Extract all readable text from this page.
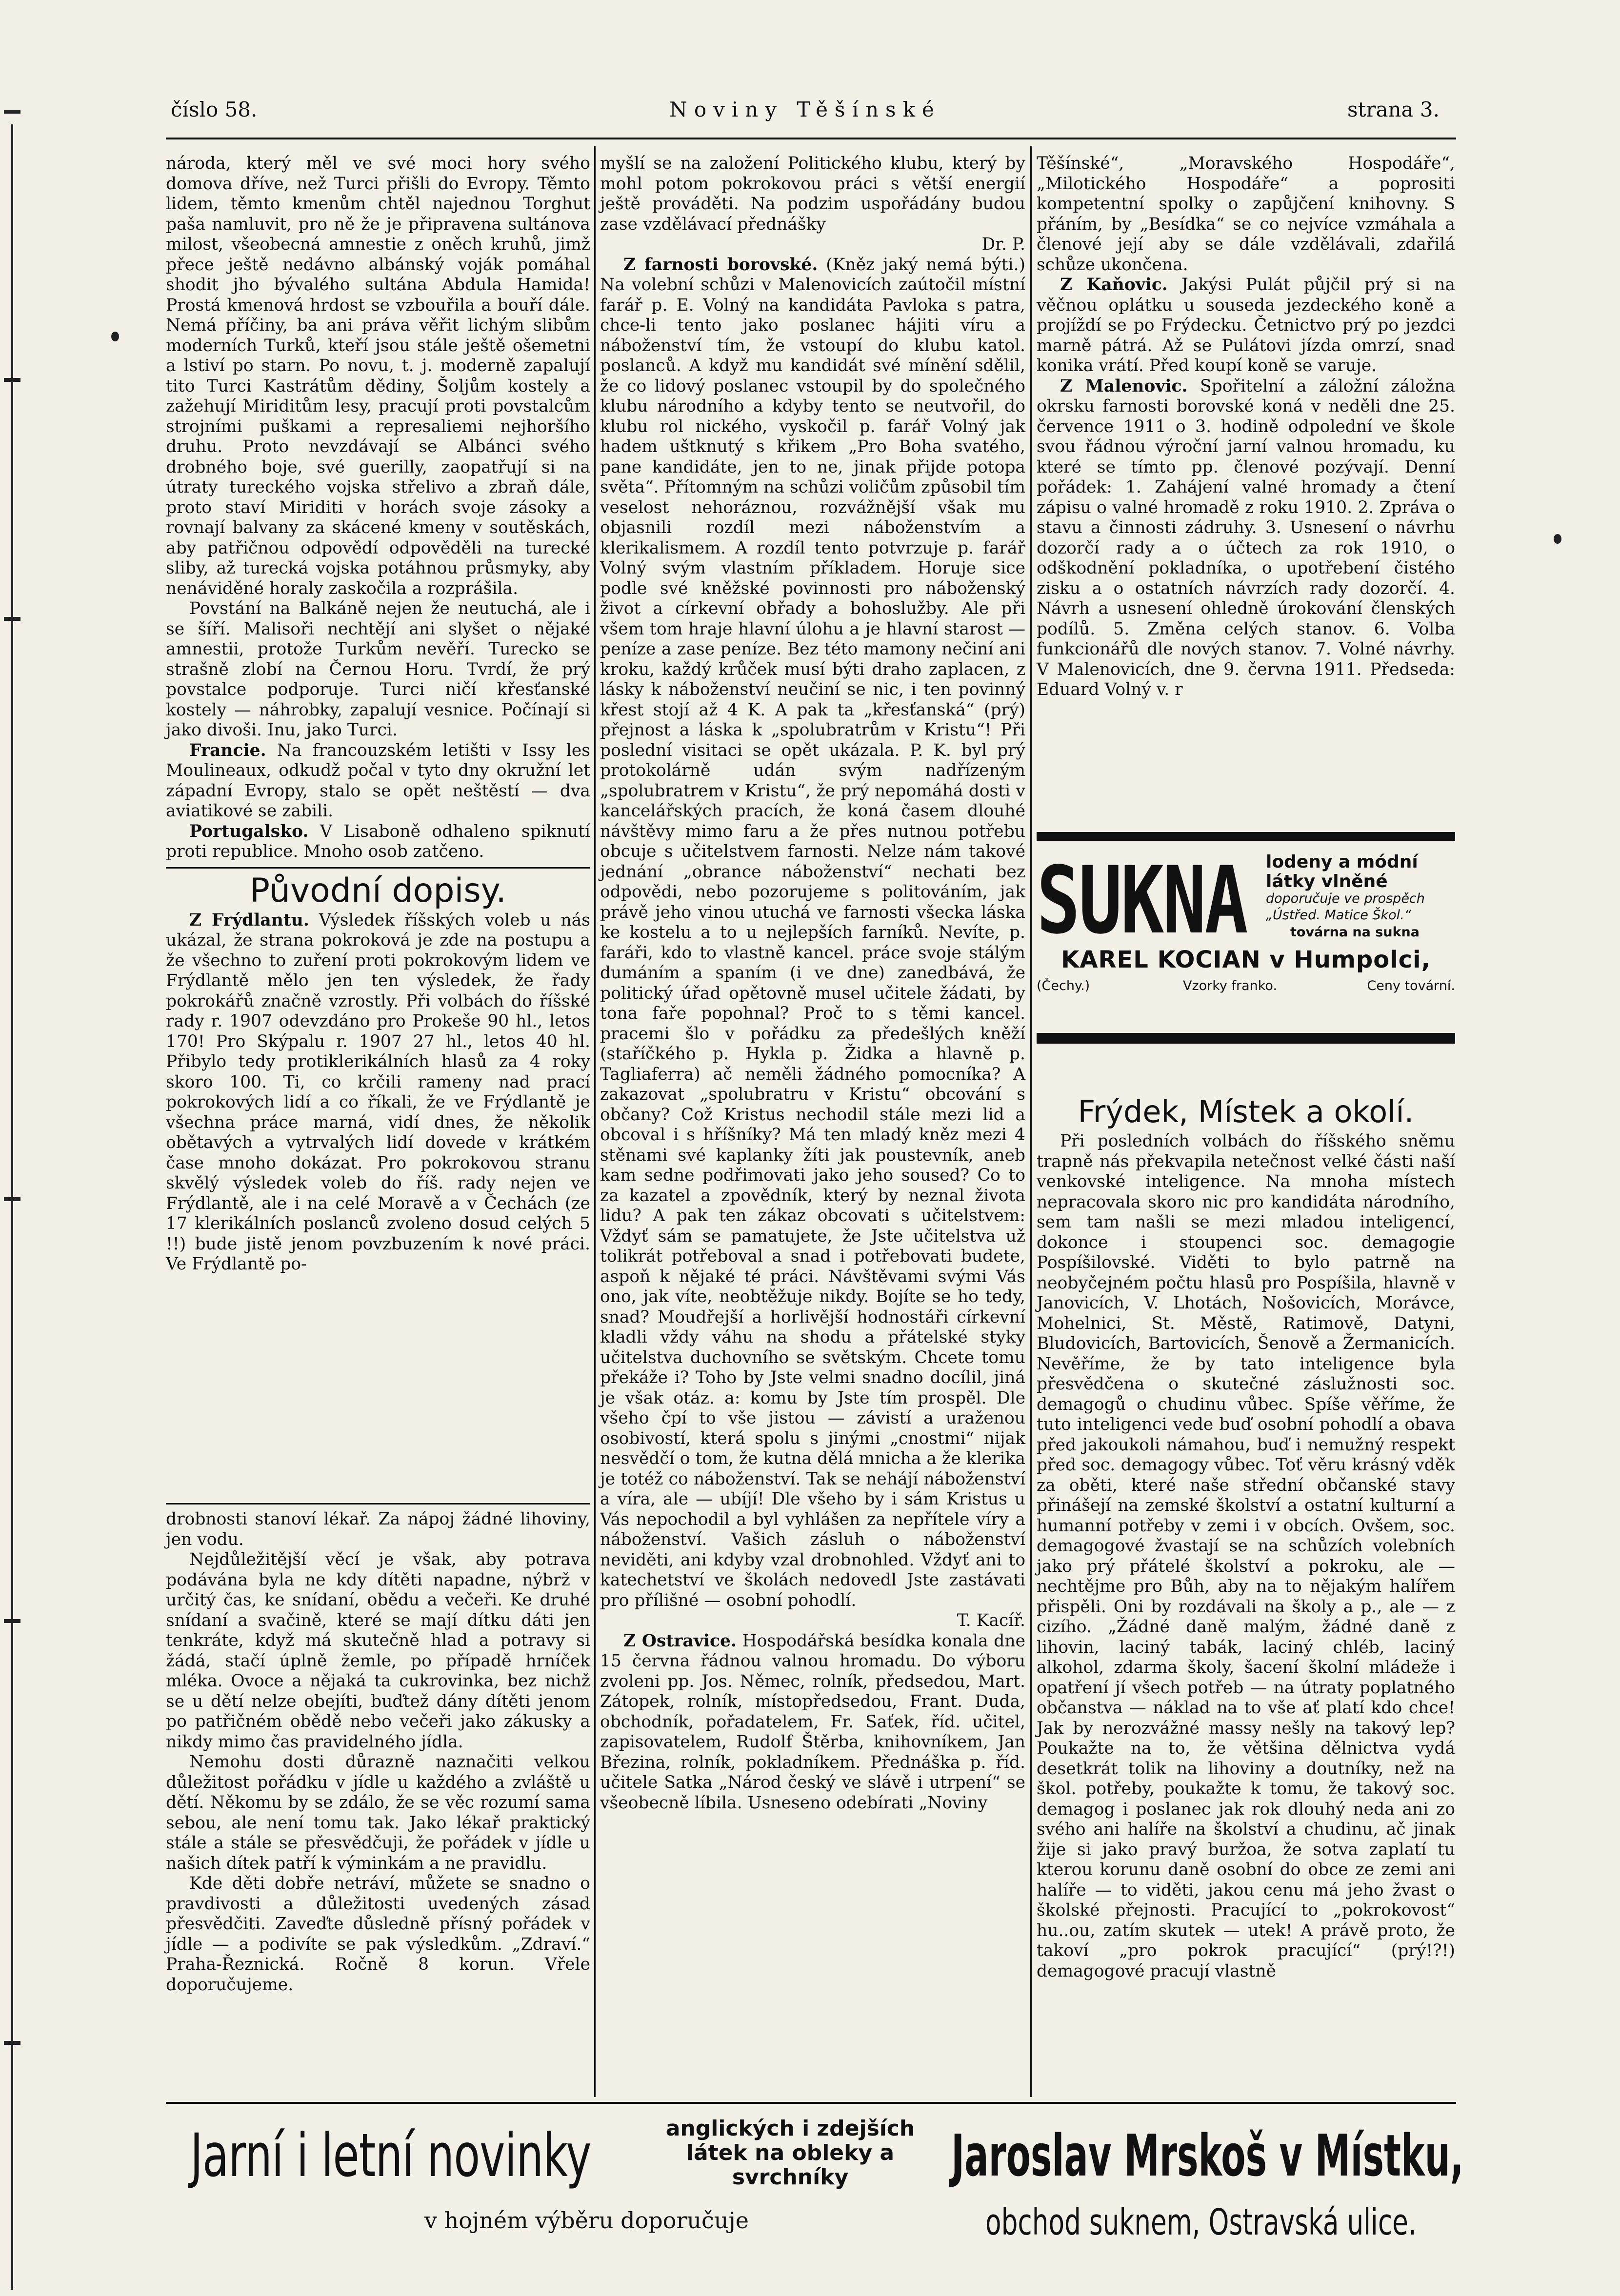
číslo 58.	Noviny Těšínské	strana 3.

národa, který měl ve své moci hory svého domova dříve, než Turci přišli do Evropy. Těmto lidem, těmto kmenům chtěl najednou Torghut paša namluvit, pro ně že je připravena sultánova milost, všeobecná amnestie z oněch kruhů, jimž přece ještě nedávno albánský voják pomáhal shodit jho bývalého sultána Abdula Hamida! Prostá kmenová hrdost se vzbouřila a bouří dále. Nemá příčiny, ba ani práva věřit lichým slibům moderních Turků, kteří jsou stále ještě ošemetni a lstiví po starn. Po novu, t. j. moderně zapalují tito Turci Kastrátům dědiny, Šoljům kostely a zažehují Miriditům lesy, pracují proti povstalcům strojními puškami a represaliemi nejhoršího druhu. Proto nevzdávají se Albánci svého drobného boje, své guerilly, zaopatřují si na útraty tureckého vojska střelivo a zbraň dále, proto staví Miriditi v horách svoje zásoky a rovnají balvany za skácené kmeny v soutěskách, aby patřičnou odpovědí odpověděli na turecké sliby, až turecká vojska potáhnou průsmyky, aby nenáviděné horaly zaskočila a rozprášila.

Povstání na Balkáně nejen že neutuchá, ale i se šíří. Malisoři nechtějí ani slyšet o nějaké amnestii, protože Turkům nevěří. Turecko se strašně zlobí na Černou Horu. Tvrdí, že prý povstalce podporuje. Turci ničí křesťanské kostely — náhrobky, zapalují vesnice. Počínají si jako divoši. Inu, jako Turci.

Francie. Na francouzském letišti v Issy les Moulineaux, odkudž počal v tyto dny okružní let západní Evropy, stalo se opět neštěstí — dva aviatikové se zabili.

Portugalsko. V Lisaboně odhaleno spiknutí proti republice. Mnoho osob zatčeno.

Původní dopisy.

Z Frýdlantu. Výsledek říšských voleb u nás ukázal, že strana pokroková je zde na postupu a že všechno to zuření proti pokrokovým lidem ve Frýdlantě mělo jen ten výsledek, že řady pokrokářů značně vzrostly. Při volbách do říšské rady r. 1907 odevzdáno pro Prokeše 90 hl., letos 170! Pro Skýpalu r. 1907 27 hl., letos 40 hl. Přibylo tedy protiklerikálních hlasů za 4 roky skoro 100. Ti, co krčili rameny nad prací pokrokových lidí a co říkali, že ve Frýdlantě je všechna práce marná, vidí dnes, že několik obětavých a vytrvalých lidí dovede v krátkém čase mnoho dokázat. Pro pokrokovou stranu skvělý výsledek voleb do říš. rady nejen ve Frýdlantě, ale i na celé Moravě a v Čechách (ze 17 klerikálních poslanců zvoleno dosud celých 5 !!) bude jistě jenom povzbuzením k nové práci. Ve Frýdlantě po-

drobnosti stanoví lékař. Za nápoj žádné lihoviny, jen vodu.

Nejdůležitější věcí je však, aby potrava podávána byla ne kdy dítěti napadne, nýbrž v určitý čas, ke snídaní, obědu a večeři. Ke druhé snídaní a svačině, které se mají dítku dáti jen tenkráte, když má skutečně hlad a potravy si žádá, stačí úplně žemle, po případě hrníček mléka. Ovoce a nějaká ta cukrovinka, bez nichž se u dětí nelze obejíti, buďtež dány dítěti jenom po patřičném obědě nebo večeři jako zákusky a nikdy mimo čas pravidelného jídla.

Nemohu dosti důrazně naznačiti velkou důležitost pořádku v jídle u každého a zvláště u dětí. Někomu by se zdálo, že se věc rozumí sama sebou, ale není tomu tak. Jako lékař praktický stále a stále se přesvědčuji, že pořádek v jídle u našich dítek patří k výminkám a ne pravidlu.

Kde děti dobře netráví, můžete se snadno o pravdivosti a důležitosti uvedených zásad přesvědčiti. Zaveďte důsledně přísný pořádek v jídle — a podivíte se pak výsledkům. „Zdraví.“ Praha-Řeznická. Ročně 8 korun. Vřele doporučujeme.

myšlí se na založení Politického klubu, který by mohl potom pokrokovou práci s větší energií ještě prováděti. Na podzim uspořádány budou zase vzdělávací přednášky

Dr. P.

Z farnosti borovské. (Kněz jaký nemá býti.) Na volební schůzi v Malenovicích zaútočil místní farář p. E. Volný na kandidáta Pavloka s patra, chce-li tento jako poslanec hájiti víru a náboženství tím, že vstoupí do klubu katol. poslanců. A když mu kandidát své mínění sdělil, že co lidový poslanec vstoupil by do společného klubu národního a kdyby tento se neutvořil, do klubu rol nického, vyskočil p. farář Volný jak hadem uštknutý s křikem „Pro Boha svatého, pane kandidáte, jen to ne, jinak přijde potopa světa“. Přítomným na schůzi voličům způsobil tím veselost nehoráznou, rozvážnější však mu objasnili rozdíl mezi náboženstvím a klerikalismem. A rozdíl tento potvrzuje p. farář Volný svým vlastním příkladem. Horuje sice podle své kněžské povinnosti pro náboženský život a církevní obřady a bohoslužby. Ale při všem tom hraje hlavní úlohu a je hlavní starost — peníze a zase peníze. Bez této mamony nečiní ani kroku, každý krůček musí býti draho zaplacen, z lásky k náboženství neučiní se nic, i ten povinný křest stojí až 4 K. A pak ta „křesťanská“ (prý) přejnost a láska k „spolubratrům v Kristu“! Při poslední visitaci se opět ukázala. P. K. byl prý protokolárně udán svým nadřízeným „spolubratrem v Kristu“, že prý nepomáhá dosti v kancelářských pracích, že koná časem dlouhé návštěvy mimo faru a že přes nutnou potřebu obcuje s učitelstvem farnosti. Nelze nám takové jednání „obrance náboženství“ nechati bez odpovědi, nebo pozorujeme s politováním, jak právě jeho vinou utuchá ve farnosti všecka láska ke kostelu a to u nejlepších farníků. Nevíte, p. faráři, kdo to vlastně kancel. práce svoje stálým dumáním a spaním (i ve dne) zanedbává, že politický úřad opětovně musel učitele žádati, by tona faře popohnal? Proč to s těmi kancel. pracemi šlo v pořádku za předešlých kněží (staříčkého p. Hykla p. Židka a hlavně p. Tagliaferra) ač neměli žádného pomocníka? A zakazovat „spolubratru v Kristu“ obcování s občany? Což Kristus nechodil stále mezi lid a obcoval i s hříšníky? Má ten mladý kněz mezi 4 stěnami své kaplanky žíti jak poustevník, aneb kam sedne podřimovati jako jeho soused? Co to za kazatel a zpovědník, který by neznal života lidu? A pak ten zákaz obcovati s učitelstvem: Vždyť sám se pamatujete, že Jste učitelstva už tolikrát potřeboval a snad i potřebovati budete, aspoň k nějaké té práci. Návštěvami svými Vás ono, jak víte, neobtěžuje nikdy. Bojíte se ho tedy, snad? Moudřejší a horlivější hodnostáři církevní kladli vždy váhu na shodu a přátelské styky učitelstva duchovního se světským. Chcete tomu překáže i? Toho by Jste velmi snadno docílil, jiná je však otáz. a: komu by Jste tím prospěl. Dle všeho čpí to vše jistou — závistí a uraženou osobivostí, která spolu s jinými „cnostmi“ nijak nesvědčí o tom, že kutna dělá mnicha a že klerika je totéž co náboženství. Tak se nehájí náboženství a víra, ale — ubíjí! Dle všeho by i sám Kristus u Vás nepochodil a byl vyhlášen za nepřítele víry a náboženství. Vašich zásluh o náboženství neviděti, ani kdyby vzal drobnohled. Vždyť ani to katechetství ve školách nedovedl Jste zastávati pro přílišné — osobní pohodlí.

T. Kacíř.

Z Ostravice. Hospodářská besídka konala dne 15 června řádnou valnou hromadu. Do výboru zvoleni pp. Jos. Němec, rolník, předsedou, Mart. Zátopek, rolník, místopředsedou, Frant. Duda, obchodník, pořadatelem, Fr. Saťek, říd. učitel, zapisovatelem, Rudolf Štěrba, knihovníkem, Jan Březina, rolník, pokladníkem. Přednáška p. říd. učitele Satka „Národ český ve slávě i utrpení“ se všeobecně líbila. Usneseno odebírati „Noviny

Těšínské“, „Moravského Hospodáře“, „Milotického Hospodáře“ a poprositi kompetentní spolky o zapůjčení knihovny. S přáním, by „Besídka“ se co nejvíce vzmáhala a členové její aby se dále vzdělávali, zdařilá schůze ukončena.

Z Kaňovic. Jakýsi Pulát půjčil prý si na věčnou oplátku u souseda jezdeckého koně a projíždí se po Frýdecku. Četnictvo prý po jezdci marně pátrá. Až se Pulátovi jízda omrzí, snad konika vrátí. Před koupí koně se varuje.

Z Malenovic. Spořitelní a záložní záložna okrsku farnosti borovské koná v neděli dne 25. července 1911 o 3. hodině odpolední ve škole svou řádnou výroční jarní valnou hromadu, ku které se tímto pp. členové pozývají. Denní pořádek: 1. Zahájení valné hromady a čtení zápisu o valné hromadě z roku 1910. 2. Zpráva o stavu a činnosti zádruhy. 3. Usnesení o návrhu dozorčí rady a o účtech za rok 1910, o odškodnění pokladníka, o upotřebení čistého zisku a o ostatních návrzích rady dozorčí. 4. Návrh a usnesení ohledně úrokování členských podílů. 5. Změna celých stanov. 6. Volba funkcionářů dle nových stanov. 7. Volné návrhy. V Malenovicích, dne 9. června 1911. Předseda: Eduard Volný v. r

SUKNA lodeny a módní látky vlněné
doporučuje ve prospěch „Ústřed. Matice Škol.“
továrna na sukna
KAREL KOCIAN v Humpolci,
(Čechy.)	Vzorky franko.	Ceny tovární.
Frýdek, Místek a okolí.

Při posledních volbách do říšského sněmu trapně nás překvapila netečnost velké části naší venkovské inteligence. Na mnoha místech nepracovala skoro nic pro kandidáta národního, sem tam našli se mezi mladou inteligencí, dokonce i stoupenci soc. demagogie Pospíšilovské. Viděti to bylo patrně na neobyčejném počtu hlasů pro Pospíšila, hlavně v Janovicích, V. Lhotách, Nošovicích, Morávce, Mohelnici, St. Městě, Ratimově, Datyni, Bludovicích, Bartovicích, Šenově a Žermanicích. Nevěříme, že by tato inteligence byla přesvědčena o skutečné záslužnosti soc. demagogů o chudinu vůbec. Spíše věříme, že tuto inteligenci vede buď osobní pohodlí a obava před jakoukoli námahou, buď i nemužný respekt před soc. demagogy vůbec. Toť věru krásný vděk za oběti, které naše střední občanské stavy přinášejí na zemské školství a ostatní kulturní a humanní potřeby v zemi i v obcích. Ovšem, soc. demagogové žvastají se na schůzích volebních jako prý přátelé školství a pokroku, ale — nechtějme pro Bůh, aby na to nějakým halířem přispěli. Oni by rozdávali na školy a p., ale — z cizího. „Žádné daně malým, žádné daně z lihovin, laciný tabák, laciný chléb, laciný alkohol, zdarma školy, šacení školní mládeže i opatření jí všech potřeb — na útraty poplatného občanstva — náklad na to vše ať platí kdo chce! Jak by nerozvážné massy nešly na takový lep? Poukažte na to, že většina dělnictva vydá desetkrát tolik na lihoviny a doutníky, než na škol. potřeby, poukažte k tomu, že takový soc. demagog i poslanec jak rok dlouhý neda ani zo svého ani halíře na školství a chudinu, ač jinak žije si jako pravý buržoa, že sotva zaplatí tu kterou korunu daně osobní do obce ze zemi ani halíře — to viděti, jakou cenu má jeho žvast o školské přejnosti. Pracující to „pokrokovost“ hu..ou, zatím skutek — utek! A právě proto, že takoví „pro pokrok pracující“ (prý!?!) demagogové pracují vlastně

Jarní i letní novinky	anglických i zdejších látek na obleky a svrchníky	Jaroslav Mrskoš v Místku,
v hojném výběru doporučuje	obchod suknem, Ostravská ulice.
